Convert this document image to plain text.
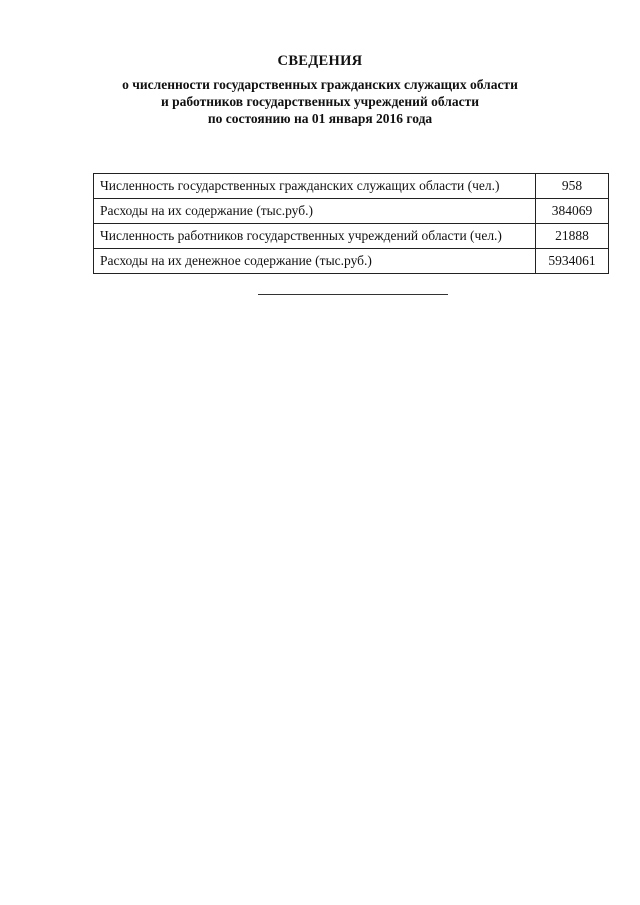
СВЕДЕНИЯ
о численности государственных гражданских служащих области
и работников государственных учреждений области
по состоянию на 01 января 2016 года
Численность государственных гражданских служащих области (чел.)	958
Расходы на их содержание (тыс.руб.)	384069
Численность работников государственных учреждений области (чел.)	21888
Расходы на их денежное содержание (тыс.руб.)	5934061
